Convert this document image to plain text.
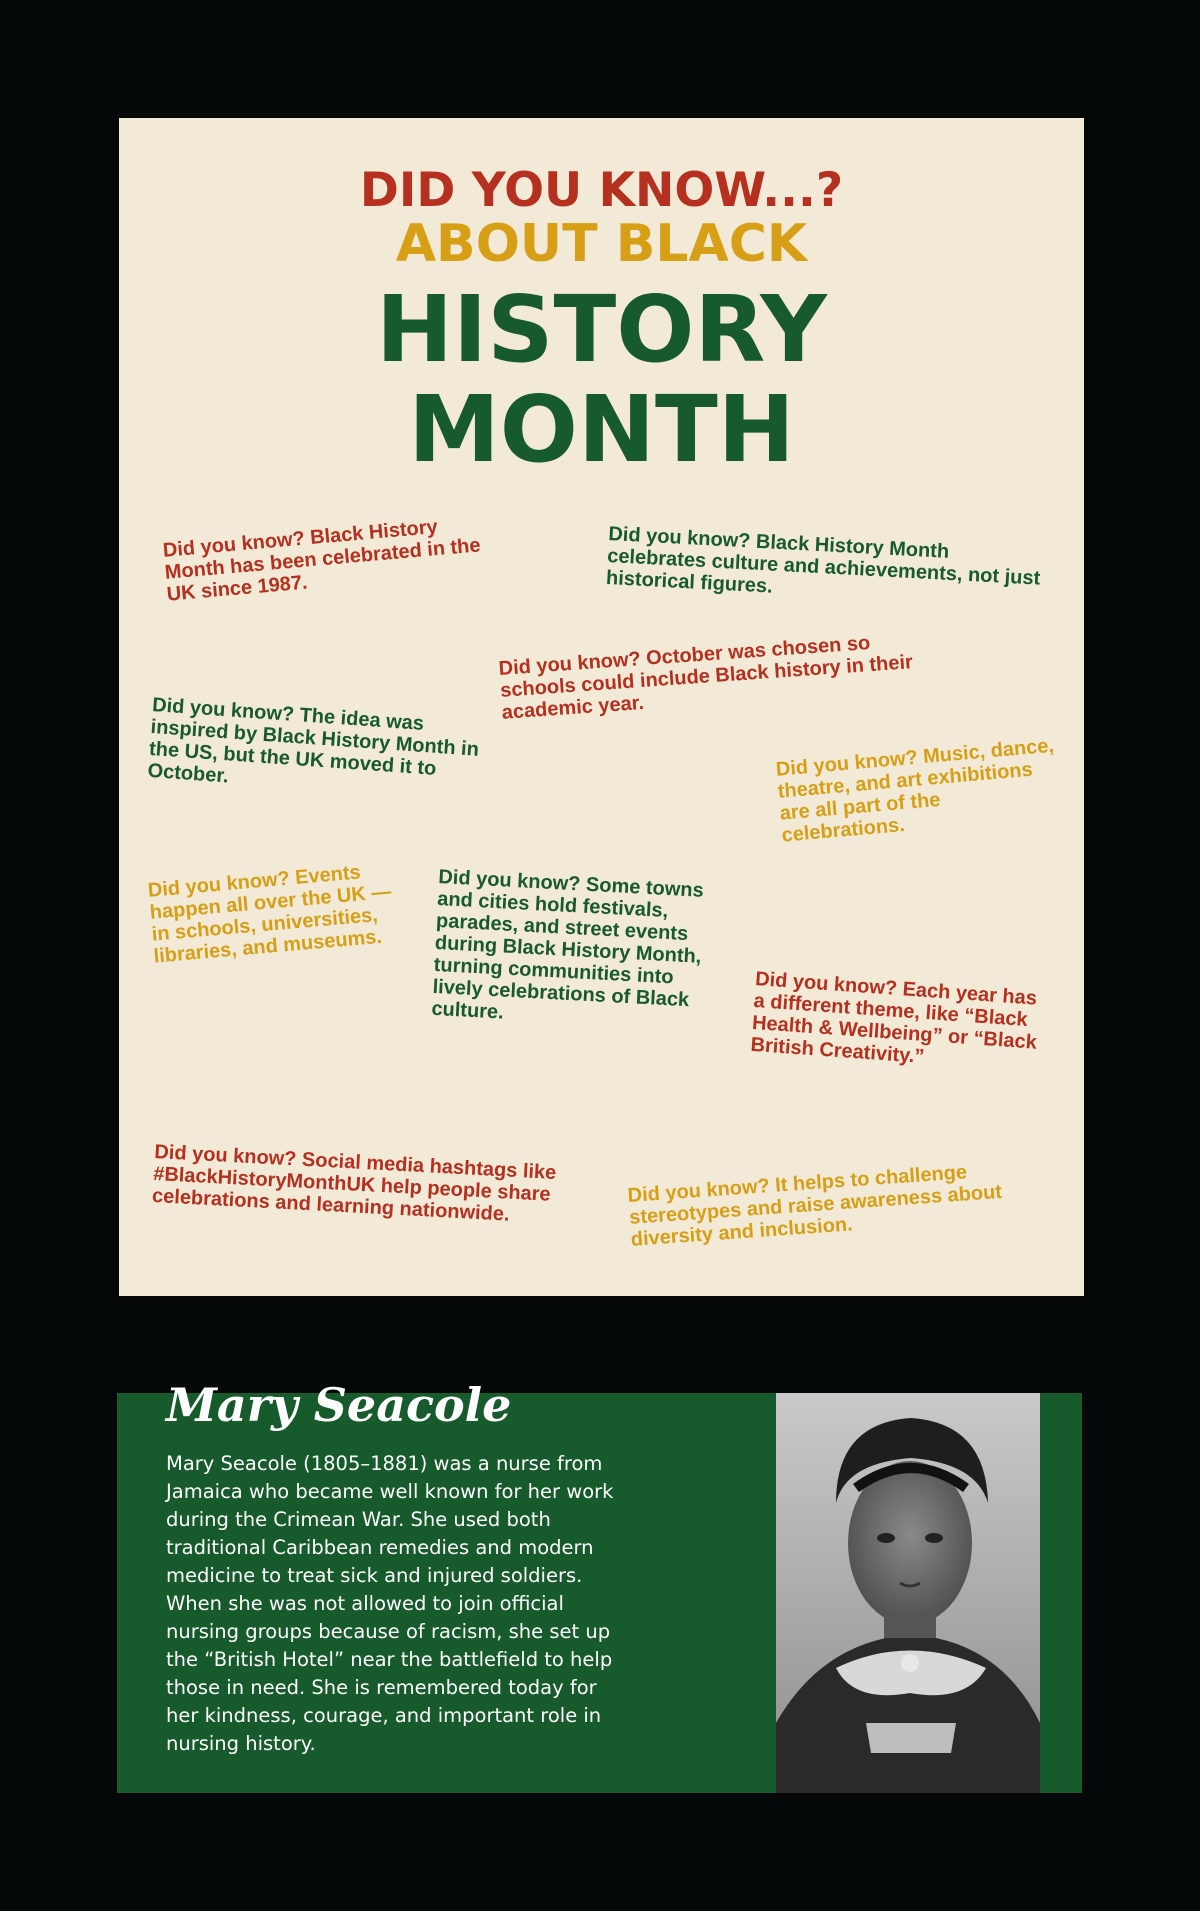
DID YOU KNOW...?
ABOUT BLACK
HISTORY
MONTH

Did you know? Black History Month has been celebrated in the UK since 1987.

Did you know? Black History Month celebrates culture and achievements, not just historical figures.

Did you know? October was chosen so schools could include Black history in their academic year.

Did you know? The idea was inspired by Black History Month in the US, but the UK moved it to October.	Did you know? Music, dance, theatre, and art exhibitions are all part of the celebrations.

Did you know? Events happen all over the UK — in schools, universities, libraries, and museums.

Did you know? Some towns and cities hold festivals, parades, and street events during Black History Month, turning communities into lively celebrations of Black culture.

Did you know? Each year has a different theme, like “Black Health & Wellbeing” or “Black British Creativity.”

Did you know? Social media hashtags like #BlackHistoryMonthUK help people share celebrations and learning nationwide.	Did you know? It helps to challenge stereotypes and raise awareness about diversity and inclusion.

Mary Seacole

Mary Seacole (1805–1881) was a nurse from Jamaica who became well known for her work during the Crimean War. She used both traditional Caribbean remedies and modern medicine to treat sick and injured soldiers. When she was not allowed to join official nursing groups because of racism, she set up the “British Hotel” near the battlefield to help those in need. She is remembered today for her kindness, courage, and important role in nursing history.
